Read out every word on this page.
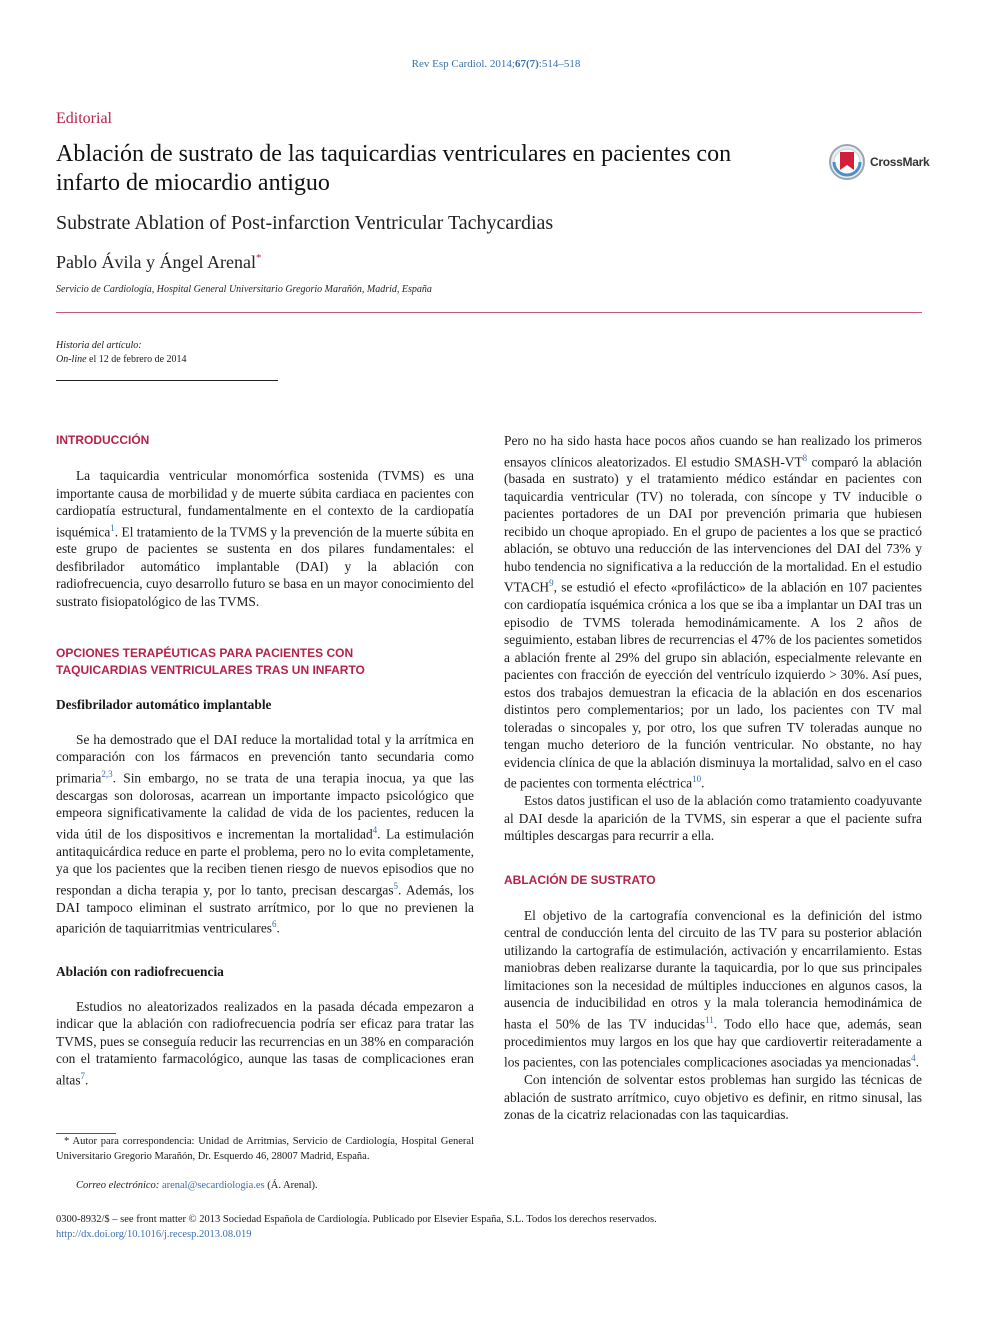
Rev Esp Cardiol. 2014;67(7):514–518
Editorial
Ablación de sustrato de las taquicardias ventriculares en pacientes con infarto de miocardio antiguo
CrossMark
Substrate Ablation of Post-infarction Ventricular Tachycardias
Pablo Ávila y Ángel Arenal*
Servicio de Cardiología, Hospital General Universitario Gregorio Marañón, Madrid, España
Historia del artículo:
On-line el 12 de febrero de 2014
INTRODUCCIÓN

La taquicardia ventricular monomórfica sostenida (TVMS) es una importante causa de morbilidad y de muerte súbita cardiaca en pacientes con cardiopatía estructural, fundamentalmente en el contexto de la cardiopatía isquémica$^1$. El tratamiento de la TVMS y la prevención de la muerte súbita en este grupo de pacientes se sustenta en dos pilares fundamentales: el desfibrilador automático implantable (DAI) y la ablación con radiofrecuencia, cuyo desarrollo futuro se basa en un mayor conocimiento del sustrato fisiopatológico de las TVMS.

OPCIONES TERAPÉUTICAS PARA PACIENTES CON
TAQUICARDIAS VENTRICULARES TRAS UN INFARTO
Desfibrilador automático implantable

Se ha demostrado que el DAI reduce la mortalidad total y la arrítmica en comparación con los fármacos en prevención tanto secundaria como primaria$^{2,3}$. Sin embargo, no se trata de una terapia inocua, ya que las descargas son dolorosas, acarrean un importante impacto psicológico que empeora significativamente la calidad de vida de los pacientes, reducen la vida útil de los dispositivos e incrementan la mortalidad$^4$. La estimulación antitaquicárdica reduce en parte el problema, pero no lo evita completamente, ya que los pacientes que la reciben tienen riesgo de nuevos episodios que no respondan a dicha terapia y, por lo tanto, precisan descargas$^5$. Además, los DAI tampoco eliminan el sustrato arrítmico, por lo que no previenen la aparición de taquiarritmias ventriculares$^6$.

Ablación con radiofrecuencia

Estudios no aleatorizados realizados en la pasada década empezaron a indicar que la ablación con radiofrecuencia podría ser eficaz para tratar las TVMS, pues se conseguía reducir las recurrencias en un 38% en comparación con el tratamiento farmacológico, aunque las tasas de complicaciones eran altas$^7$.

* Autor para correspondencia: Unidad de Arritmias, Servicio de Cardiología, Hospital General Universitario Gregorio Marañón, Dr. Esquerdo 46, 28007 Madrid, España.
Correo electrónico: arenal@secardiologia.es (Á. Arenal).

Pero no ha sido hasta hace pocos años cuando se han realizado los primeros ensayos clínicos aleatorizados. El estudio SMASH-$VT^8$ comparó la ablación (basada en sustrato) y el tratamiento médico estándar en pacientes con taquicardia ventricular (TV) no tolerada, con síncope y TV inducible o pacientes portadores de un DAI por prevención primaria que hubiesen recibido un choque apropiado. En el grupo de pacientes a los que se practicó ablación, se obtuvo una reducción de las intervenciones del DAI del 73% y hubo tendencia no significativa a la reducción de la mortalidad. En el estudio VTACH$^9$, se estudió el efecto «profiláctico» de la ablación en 107 pacientes con cardiopatía isquémica crónica a los que se iba a implantar un DAI tras un episodio de TVMS tolerada hemodinámicamente. A los 2 años de seguimiento, estaban libres de recurrencias el 47% de los pacientes sometidos a ablación frente al 29% del grupo sin ablación, especialmente relevante en pacientes con fracción de eyección del ventrículo izquierdo > 30%. Así pues, estos dos trabajos demuestran la eficacia de la ablación en dos escenarios distintos pero complementarios; por un lado, los pacientes con TV mal toleradas o sincopales y, por otro, los que sufren TV toleradas aunque no tengan mucho deterioro de la función ventricular. No obstante, no hay evidencia clínica de que la ablación disminuya la mortalidad, salvo en el caso de pacientes con tormenta eléctrica$^{10}$.

Estos datos justifican el uso de la ablación como tratamiento coadyuvante al DAI desde la aparición de la TVMS, sin esperar a que el paciente sufra múltiples descargas para recurrir a ella.

ABLACIÓN DE SUSTRATO

El objetivo de la cartografía convencional es la definición del istmo central de conducción lenta del circuito de las TV para su posterior ablación utilizando la cartografía de estimulación, activación y encarrilamiento. Estas maniobras deben realizarse durante la taquicardia, por lo que sus principales limitaciones son la necesidad de múltiples inducciones en algunos casos, la ausencia de inducibilidad en otros y la mala tolerancia hemodinámica de hasta el 50% de las TV inducidas$^{11}$. Todo ello hace que, además, sean procedimientos muy largos en los que hay que cardiovertir reiteradamente a los pacientes, con las potenciales complicaciones asociadas ya mencionadas$^4$.

Con intención de solventar estos problemas han surgido las técnicas de ablación de sustrato arrítmico, cuyo objetivo es definir, en ritmo sinusal, las zonas de la cicatriz relacionadas con las taquicardias.

0300-8932/$ – see front matter © 2013 Sociedad Española de Cardiología. Publicado por Elsevier España, S.L. Todos los derechos reservados.
http://dx.doi.org/10.1016/j.recesp.2013.08.019
